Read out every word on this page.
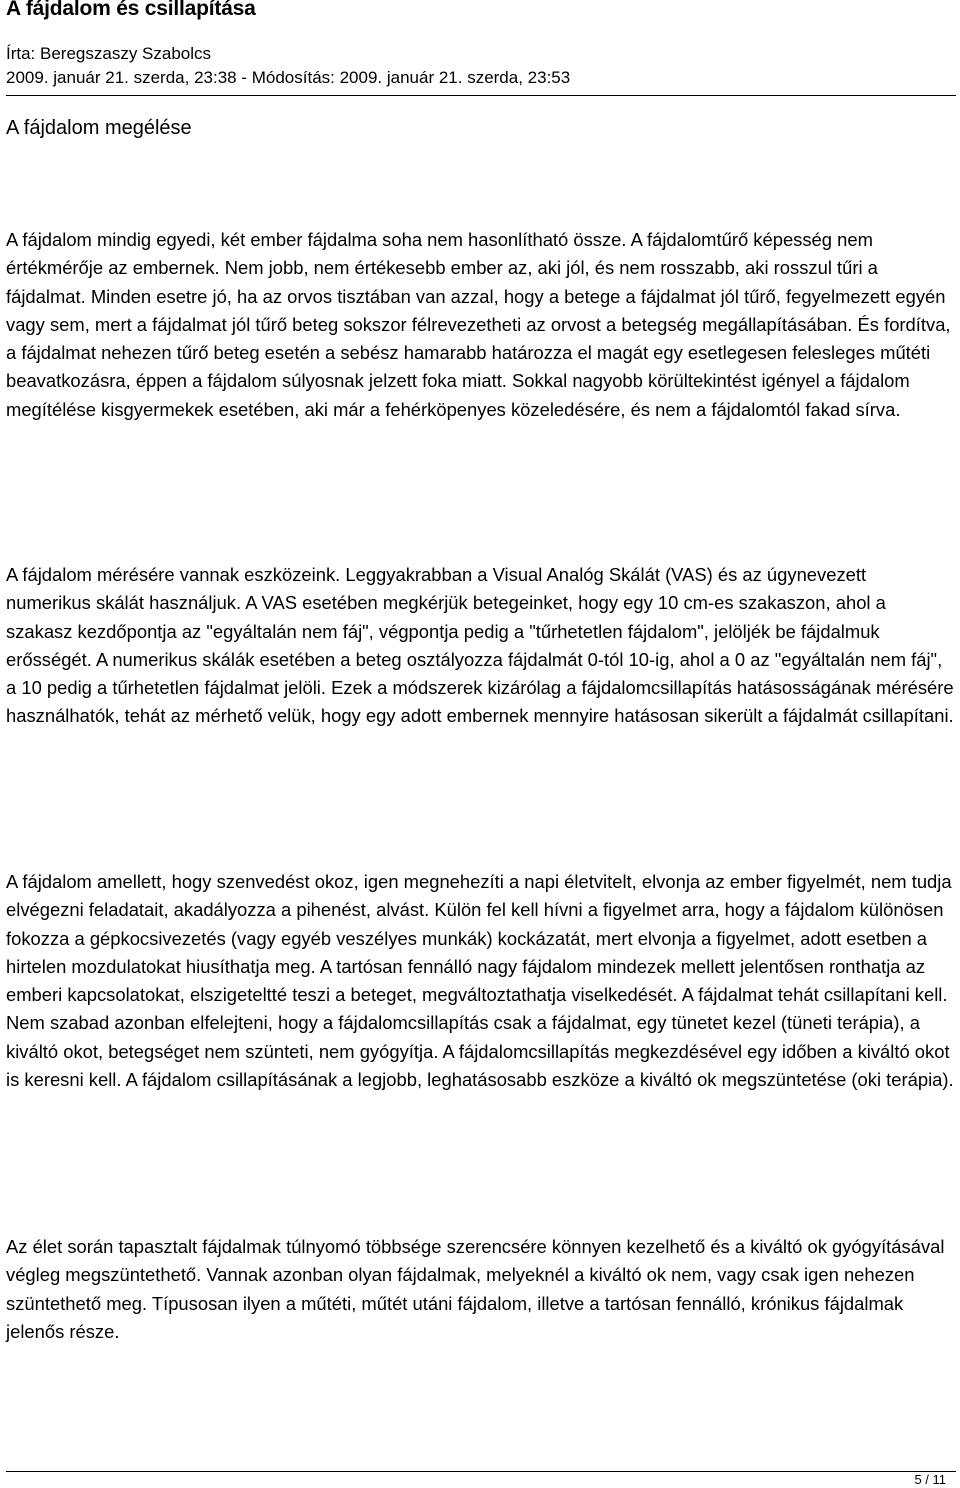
A fájdalom és csillapítása
Írta: Beregszaszy Szabolcs
2009. január 21. szerda, 23:38 - Módosítás: 2009. január 21. szerda, 23:53
A fájdalom megélése

A fájdalom mindig egyedi, két ember fájdalma soha nem hasonlítható össze. A fájdalomtűrő képesség nem értékmérője az embernek. Nem jobb, nem értékesebb ember az, aki jól, és nem rosszabb, aki rosszul tűri a fájdalmat. Minden esetre jó, ha az orvos tisztában van azzal, hogy a betege a fájdalmat jól tűrő, fegyelmezett egyén vagy sem, mert a fájdalmat jól tűrő beteg sokszor félrevezetheti az orvost a betegség megállapításában. És fordítva, a fájdalmat nehezen tűrő beteg esetén a sebész hamarabb határozza el magát egy esetlegesen felesleges műtéti beavatkozásra, éppen a fájdalom súlyosnak jelzett foka miatt. Sokkal nagyobb körültekintést igényel a fájdalom megítélése kisgyermekek esetében, aki már a fehérköpenyes közeledésére, és nem a fájdalomtól fakad sírva.

A fájdalom mérésére vannak eszközeink. Leggyakrabban a Visual Analóg Skálát (VAS) és az úgynevezett numerikus skálát használjuk. A VAS esetében megkérjük betegeinket, hogy egy 10 cm-es szakaszon, ahol a szakasz kezdőpontja az "egyáltalán nem fáj", végpontja pedig a "tűrhetetlen fájdalom", jelöljék be fájdalmuk erősségét. A numerikus skálák esetében a beteg osztályozza fájdalmát 0-tól 10-ig, ahol a 0 az "egyáltalán nem fáj", a 10 pedig a tűrhetetlen fájdalmat jelöli. Ezek a módszerek kizárólag a fájdalomcsillapítás hatásosságának mérésére használhatók, tehát az mérhető velük, hogy egy adott embernek mennyire hatásosan sikerült a fájdalmát csillapítani.

A fájdalom amellett, hogy szenvedést okoz, igen megnehezíti a napi életvitelt, elvonja az ember figyelmét, nem tudja elvégezni feladatait, akadályozza a pihenést, alvást. Külön fel kell hívni a figyelmet arra, hogy a fájdalom különösen fokozza a gépkocsivezetés (vagy egyéb veszélyes munkák) kockázatát, mert elvonja a figyelmet, adott esetben a hirtelen mozdulatokat hiusíthatja meg. A tartósan fennálló nagy fájdalom mindezek mellett jelentősen ronthatja az emberi kapcsolatokat, elszigeteltté teszi a beteget, megváltoztathatja viselkedését. A fájdalmat tehát csillapítani kell. Nem szabad azonban elfelejteni, hogy a fájdalomcsillapítás csak a fájdalmat, egy tünetet kezel (tüneti terápia), a kiváltó okot, betegséget nem szünteti, nem gyógyítja. A fájdalomcsillapítás megkezdésével egy időben a kiváltó okot is keresni kell. A fájdalom csillapításának a legjobb, leghatásosabb eszköze a kiváltó ok megszüntetése (oki terápia).

Az élet során tapasztalt fájdalmak túlnyomó többsége szerencsére könnyen kezelhető és a kiváltó ok gyógyításával végleg megszüntethető. Vannak azonban olyan fájdalmak, melyeknél a kiváltó ok nem, vagy csak igen nehezen szüntethető meg. Típusosan ilyen a műtéti, műtét utáni fájdalom, illetve a tartósan fennálló, krónikus fájdalmak jelenős része.

5 / 11
